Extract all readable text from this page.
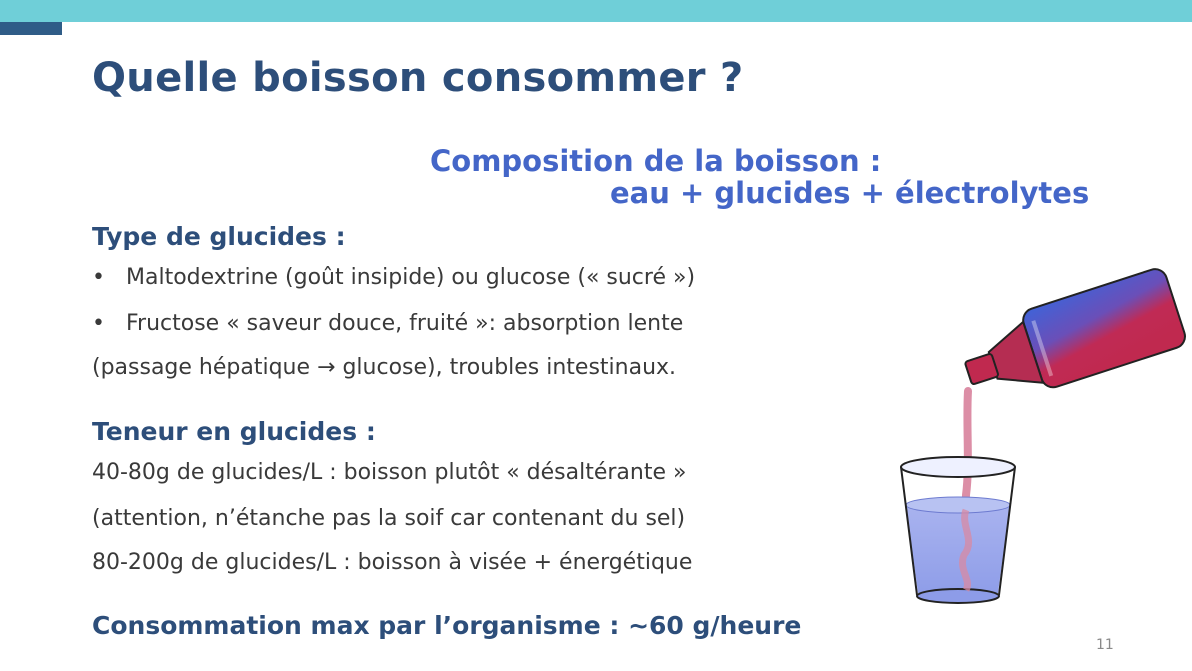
Quelle boisson consommer ?
Composition de la boisson :
eau + glucides + électrolytes
Type de glucides :
• Maltodextrine (goût insipide) ou glucose (« sucré »)
• Fructose « saveur douce, fruité »: absorption lente
(passage hépatique → glucose), troubles intestinaux.
Teneur en glucides :
40-80g de glucides/L : boisson plutôt « désaltérante »
(attention, n’étanche pas la soif car contenant du sel)
80-200g de glucides/L : boisson à visée + énergétique
Consommation max par l’organisme : ~60 g/heure
11
